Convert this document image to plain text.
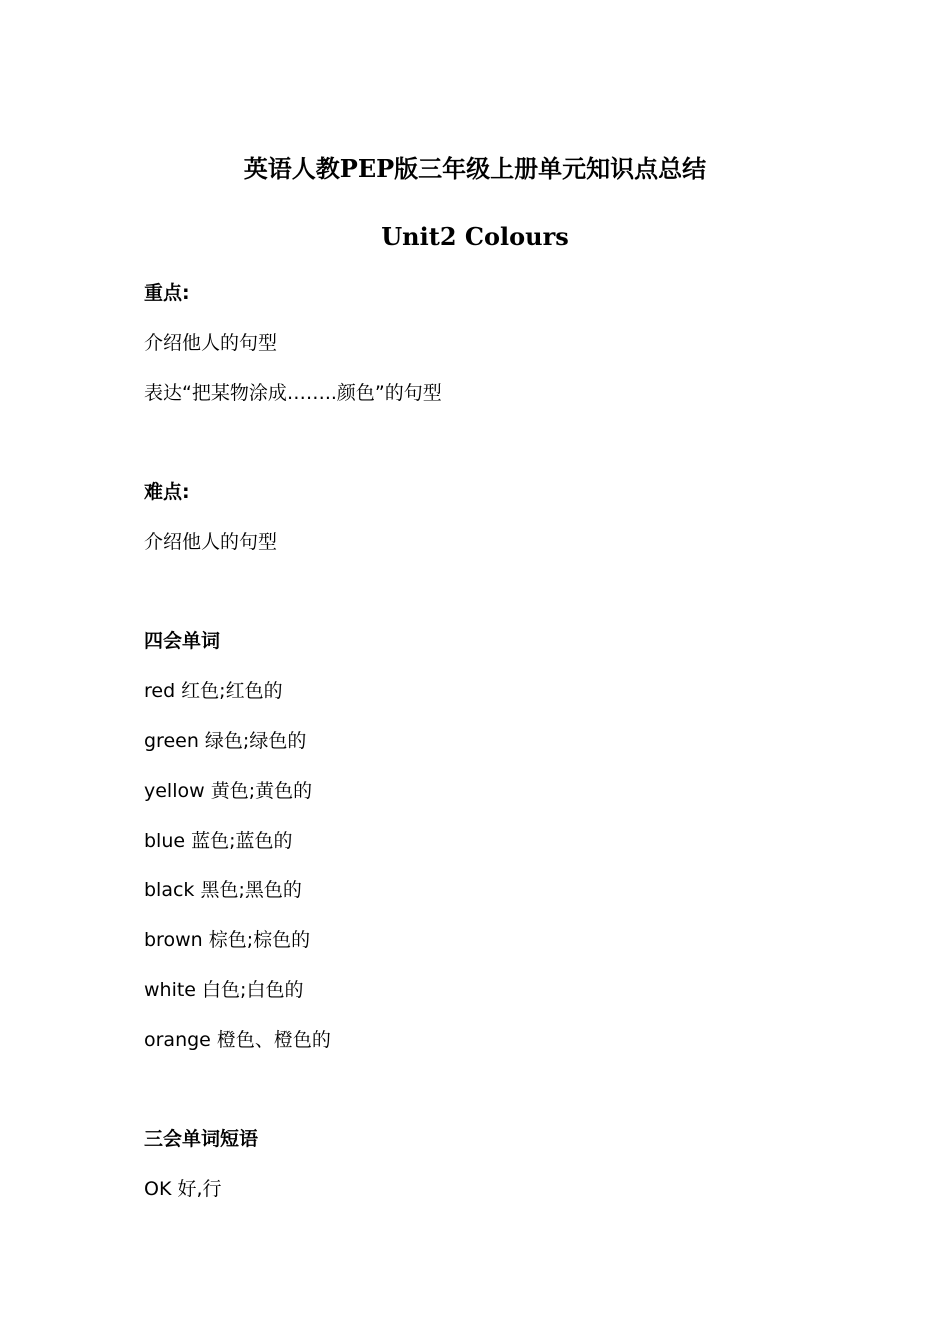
英语人教PEP版三年级上册单元知识点总结
Unit2 Colours

重点:

介绍他人的句型

表达“把某物涂成……..颜色”的句型

难点:

介绍他人的句型

四会单词

red 红色;红色的

green 绿色;绿色的

yellow 黄色;黄色的

blue 蓝色;蓝色的

black 黑色;黑色的

brown 棕色;棕色的

white 白色;白色的

orange 橙色、橙色的

三会单词短语

OK 好,行
